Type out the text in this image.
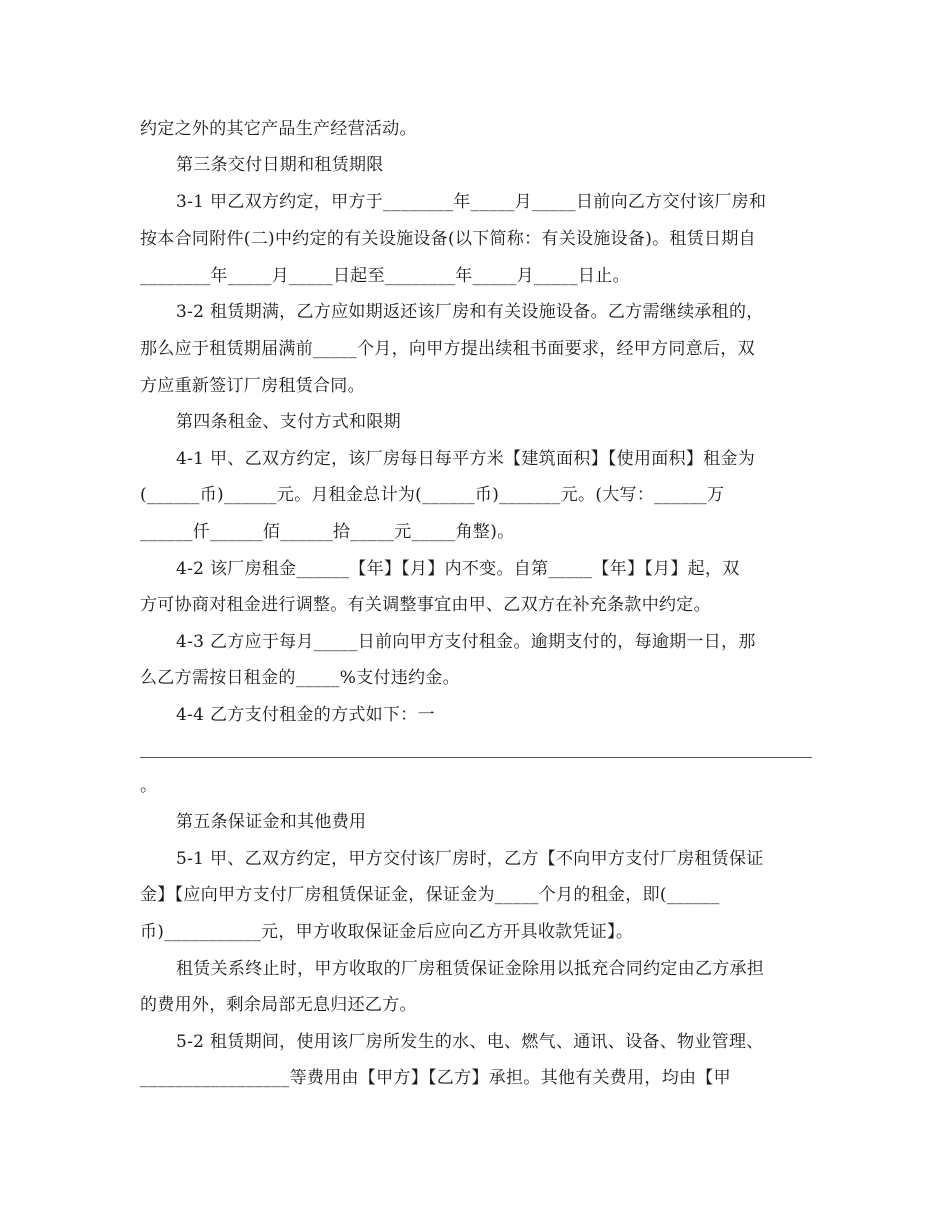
约定之外的其它产品生产经营活动。
第三条交付日期和租赁期限
3-1 甲乙双方约定，甲方于________年_____月_____日前向乙方交付该厂房和
按本合同附件(二)中约定的有关设施设备(以下简称：有关设施设备)。租赁日期自
________年_____月_____日起至________年_____月_____日止。
3-2 租赁期满，乙方应如期返还该厂房和有关设施设备。乙方需继续承租的，
那么应于租赁期届满前_____个月，向甲方提出续租书面要求，经甲方同意后，双
方应重新签订厂房租赁合同。
第四条租金、支付方式和限期
4-1 甲、乙双方约定，该厂房每日每平方米【建筑面积】【使用面积】租金为
(______币)______元。月租金总计为(______币)_______元。(大写：______万
______仟______佰______拾_____元_____角整)。
4-2 该厂房租金______【年】【月】内不变。自第_____【年】【月】起，双
方可协商对租金进行调整。有关调整事宜由甲、乙双方在补充条款中约定。
4-3 乙方应于每月_____日前向甲方支付租金。逾期支付的，每逾期一日，那
么乙方需按日租金的_____%支付违约金。
4-4 乙方支付租金的方式如下：一
。
第五条保证金和其他费用
5-1 甲、乙双方约定，甲方交付该厂房时，乙方【不向甲方支付厂房租赁保证
金】【应向甲方支付厂房租赁保证金，保证金为_____个月的租金，即(______
币)___________元，甲方收取保证金后应向乙方开具收款凭证】。
租赁关系终止时，甲方收取的厂房租赁保证金除用以抵充合同约定由乙方承担
的费用外，剩余局部无息归还乙方。
5-2 租赁期间，使用该厂房所发生的水、电、燃气、通讯、设备、物业管理、
_________________等费用由【甲方】【乙方】承担。其他有关费用，均由【甲
